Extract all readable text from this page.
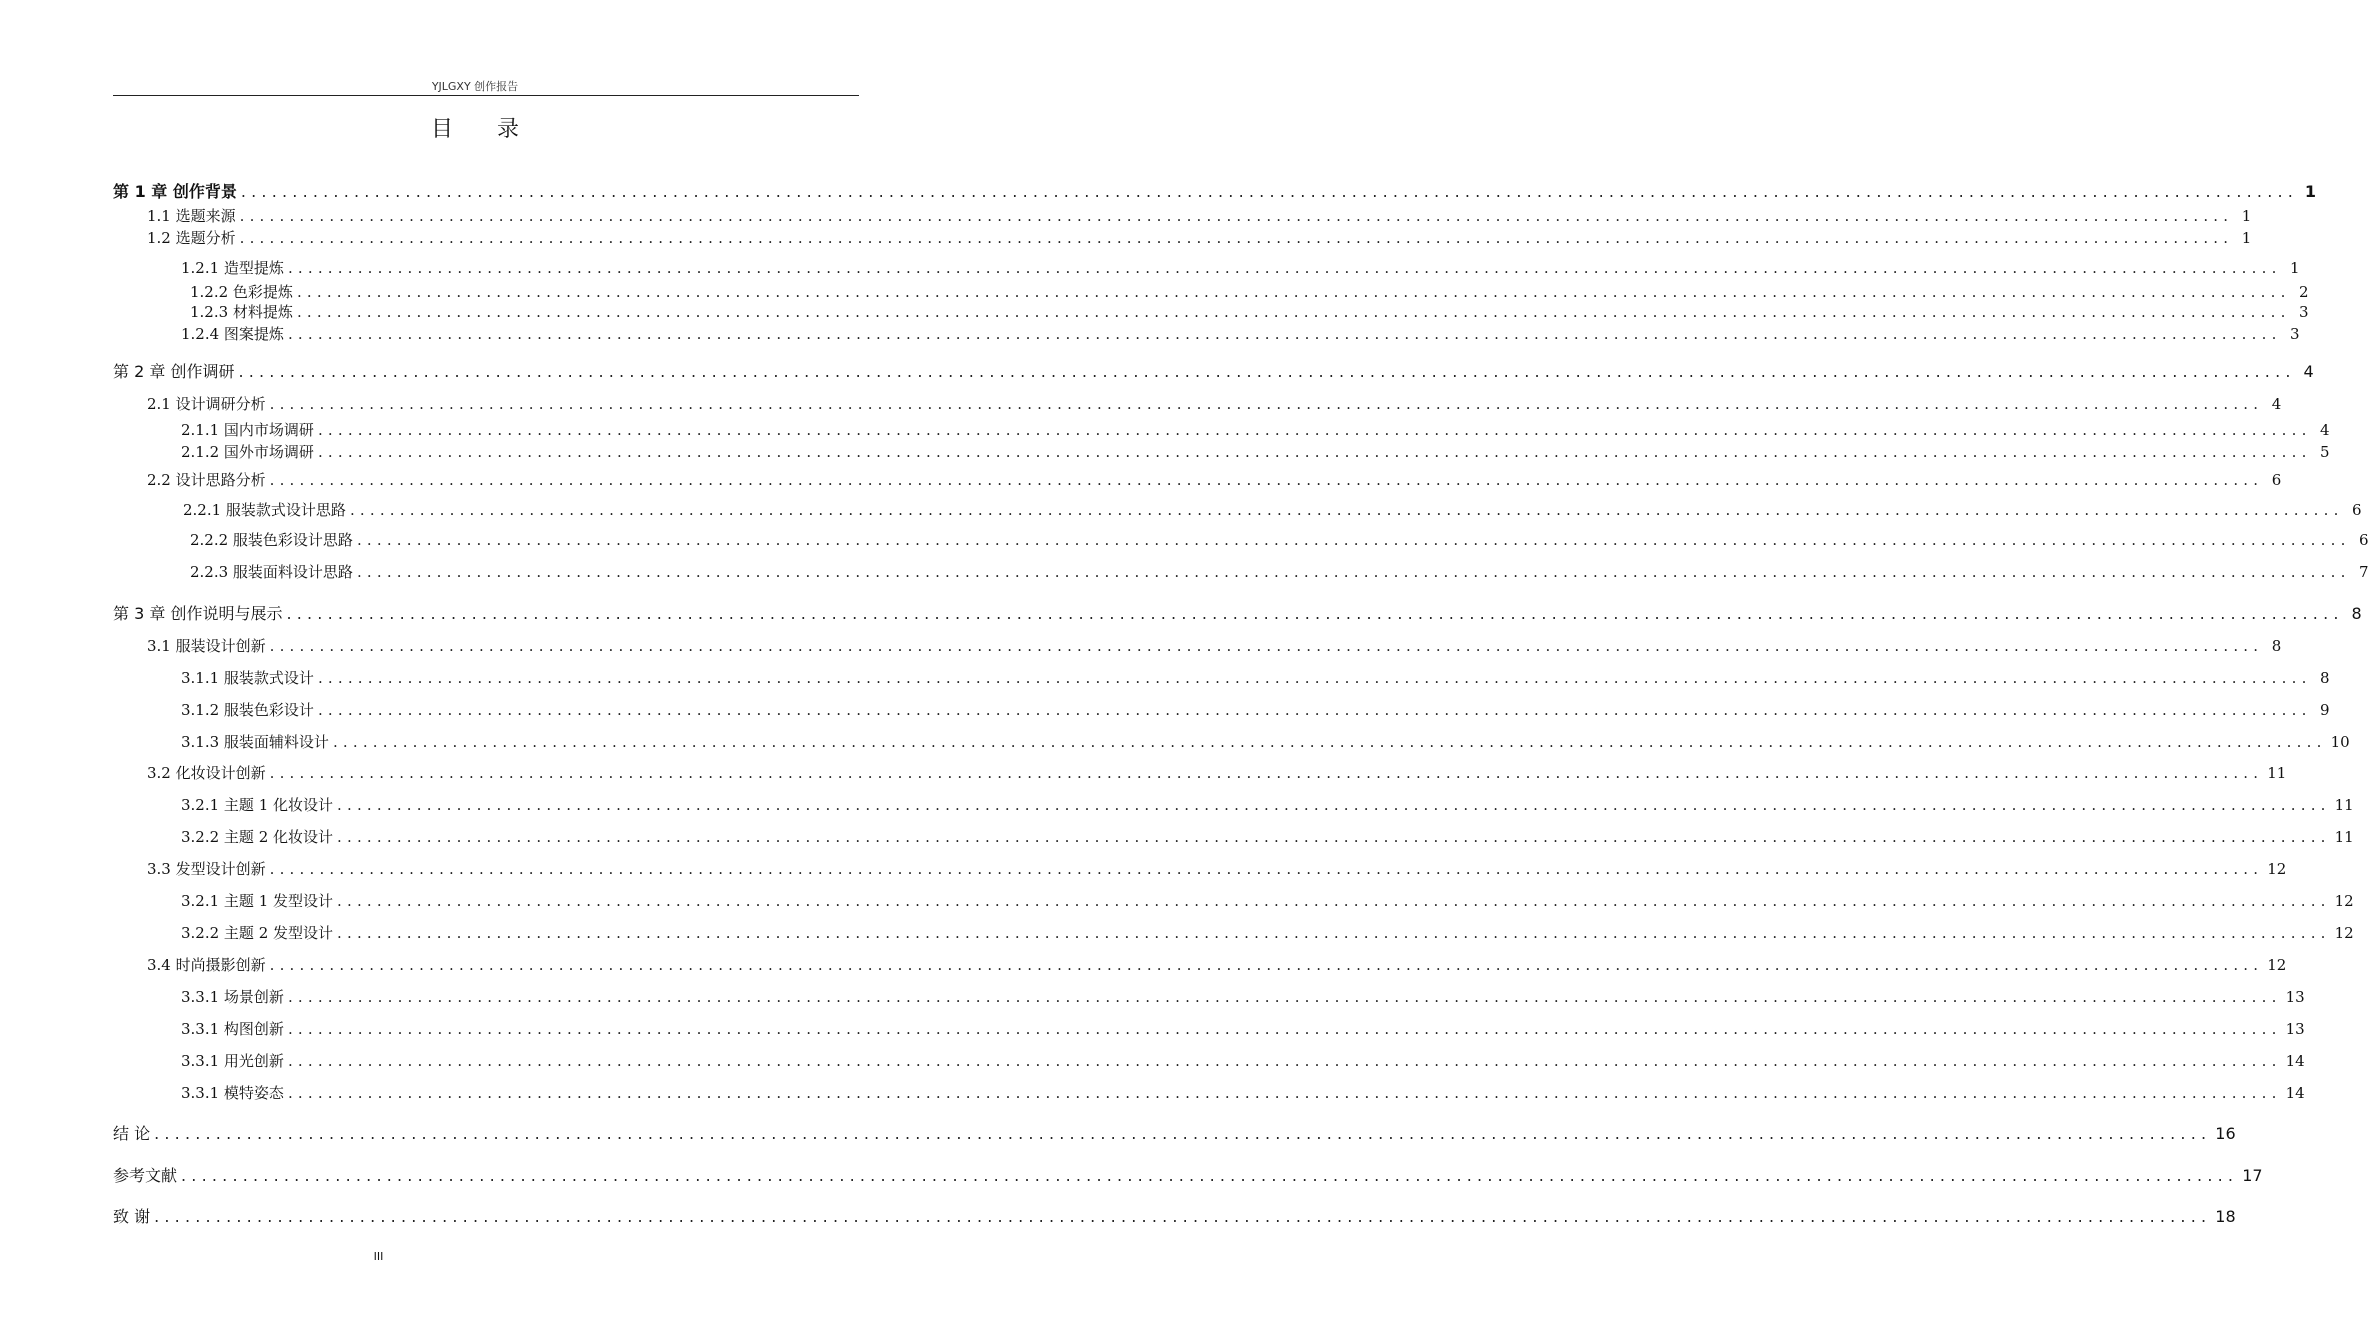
YJLGXY 创作报告
目录
第 1 章 创作背景 ........................................................................................................................................................................................................ 1
1.1 选题来源 ........................................................................................................................................................................................................ 1
1.2 选题分析 ........................................................................................................................................................................................................ 1
1.2.1 造型提炼 ........................................................................................................................................................................................................ 1
1.2.2 色彩提炼 ........................................................................................................................................................................................................ 2
1.2.3 材料提炼 ........................................................................................................................................................................................................ 3
1.2.4 图案提炼 ........................................................................................................................................................................................................ 3
第 2 章 创作调研 ........................................................................................................................................................................................................ 4
2.1 设计调研分析 ........................................................................................................................................................................................................ 4
2.1.1 国内市场调研 ........................................................................................................................................................................................................ 4
2.1.2 国外市场调研 ........................................................................................................................................................................................................ 5
2.2 设计思路分析 ........................................................................................................................................................................................................ 6
2.2.1 服装款式设计思路 ........................................................................................................................................................................................................ 6
2.2.2 服装色彩设计思路 ........................................................................................................................................................................................................ 6
2.2.3 服装面料设计思路 ........................................................................................................................................................................................................ 7
第 3 章 创作说明与展示 ........................................................................................................................................................................................................ 8
3.1 服装设计创新 ........................................................................................................................................................................................................ 8
3.1.1 服装款式设计 ........................................................................................................................................................................................................ 8
3.1.2 服装色彩设计 ........................................................................................................................................................................................................ 9
3.1.3 服装面辅料设计 ........................................................................................................................................................................................................ 10
3.2 化妆设计创新 ........................................................................................................................................................................................................ 11
3.2.1 主题 1 化妆设计 ........................................................................................................................................................................................................ 11
3.2.2 主题 2 化妆设计 ........................................................................................................................................................................................................ 11
3.3 发型设计创新 ........................................................................................................................................................................................................ 12
3.2.1 主题 1 发型设计 ........................................................................................................................................................................................................ 12
3.2.2 主题 2 发型设计 ........................................................................................................................................................................................................ 12
3.4 时尚摄影创新 ........................................................................................................................................................................................................ 12
3.3.1 场景创新 ........................................................................................................................................................................................................ 13
3.3.1 构图创新 ........................................................................................................................................................................................................ 13
3.3.1 用光创新 ........................................................................................................................................................................................................ 14
3.3.1 模特姿态 ........................................................................................................................................................................................................ 14
结 论 ........................................................................................................................................................................................................ 16
参考文献 ........................................................................................................................................................................................................ 17
致 谢 ........................................................................................................................................................................................................ 18
III
